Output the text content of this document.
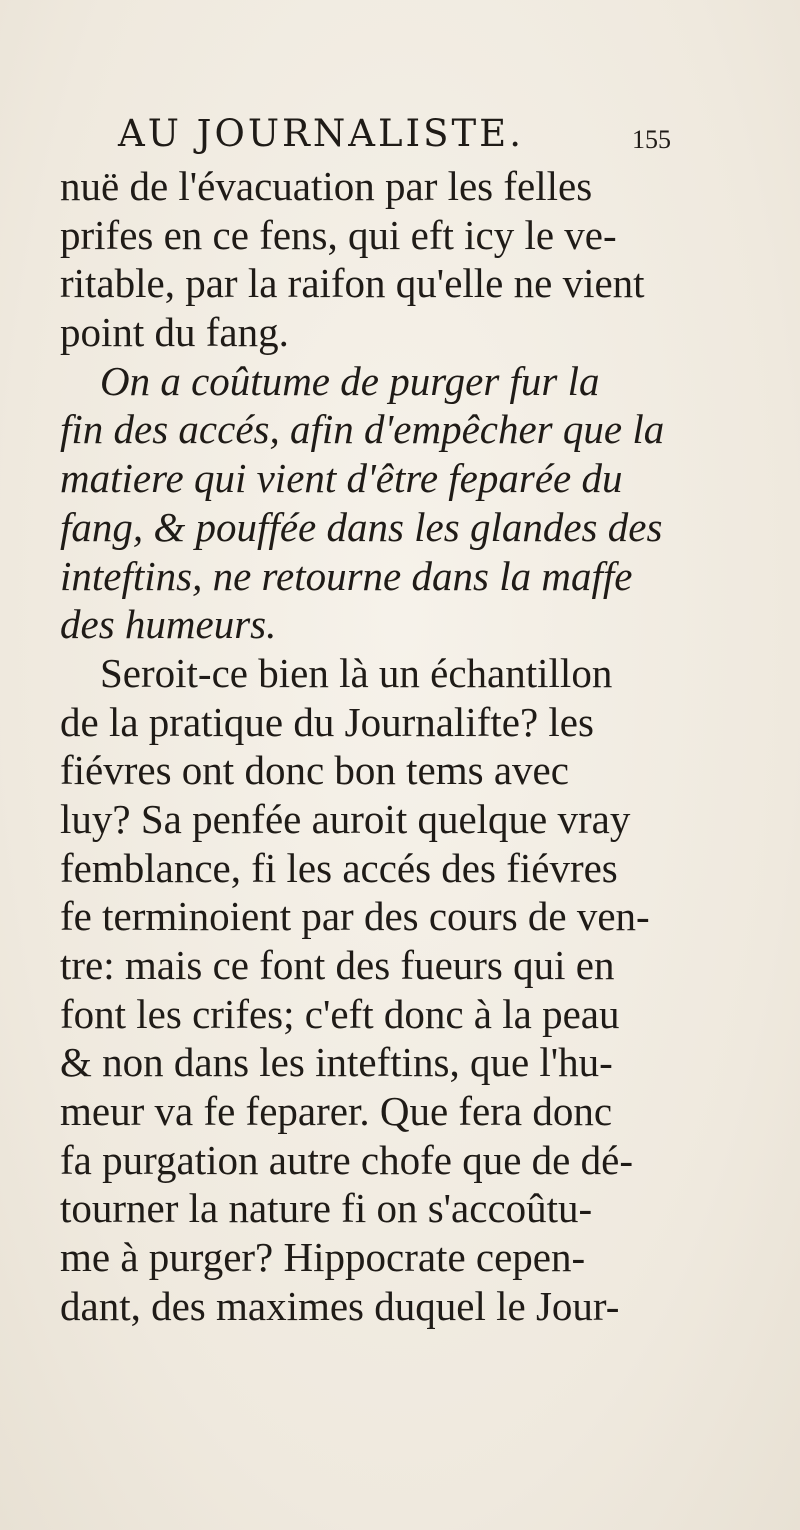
AU JOURNALISTE.	155
nuë de l'évacuation par les felles
prifes en ce fens, qui eft icy le ve-
ritable, par la raifon qu'elle ne vient
point du fang.
On a coûtume de purger fur la
fin des accés, afin d'empêcher que la
matiere qui vient d'être feparée du
fang, & pouffée dans les glandes des
inteftins, ne retourne dans la maffe
des humeurs.
Seroit-ce bien là un échantillon
de la pratique du Journalifte? les
fiévres ont donc bon tems avec
luy? Sa penfée auroit quelque vray
femblance, fi les accés des fiévres
fe terminoient par des cours de ven-
tre: mais ce font des fueurs qui en
font les crifes; c'eft donc à la peau
& non dans les inteftins, que l'hu-
meur va fe feparer. Que fera donc
fa purgation autre chofe que de dé-
tourner la nature fi on s'accoûtu-
me à purger? Hippocrate cepen-
dant, des maximes duquel le Jour-
